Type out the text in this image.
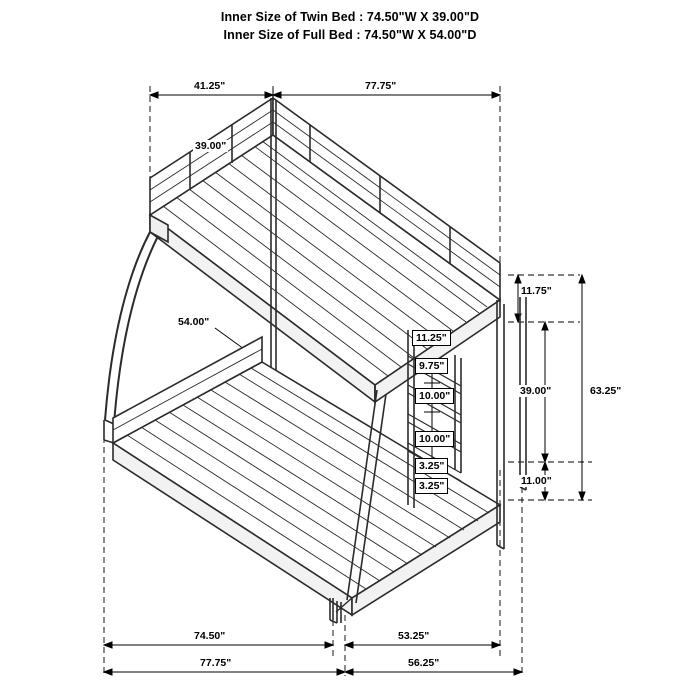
Inner Size of Twin Bed : 74.50"W X 39.00"D
Inner Size of Full Bed : 74.50"W X 54.00"D
41.25"	77.75"
39.00"
54.00"
11.75"
39.00"
11.00"
63.25"
11.25"
9.75"
10.00"
10.00"
3.25"
3.25"
74.50"	53.25"
77.75"	56.25"
